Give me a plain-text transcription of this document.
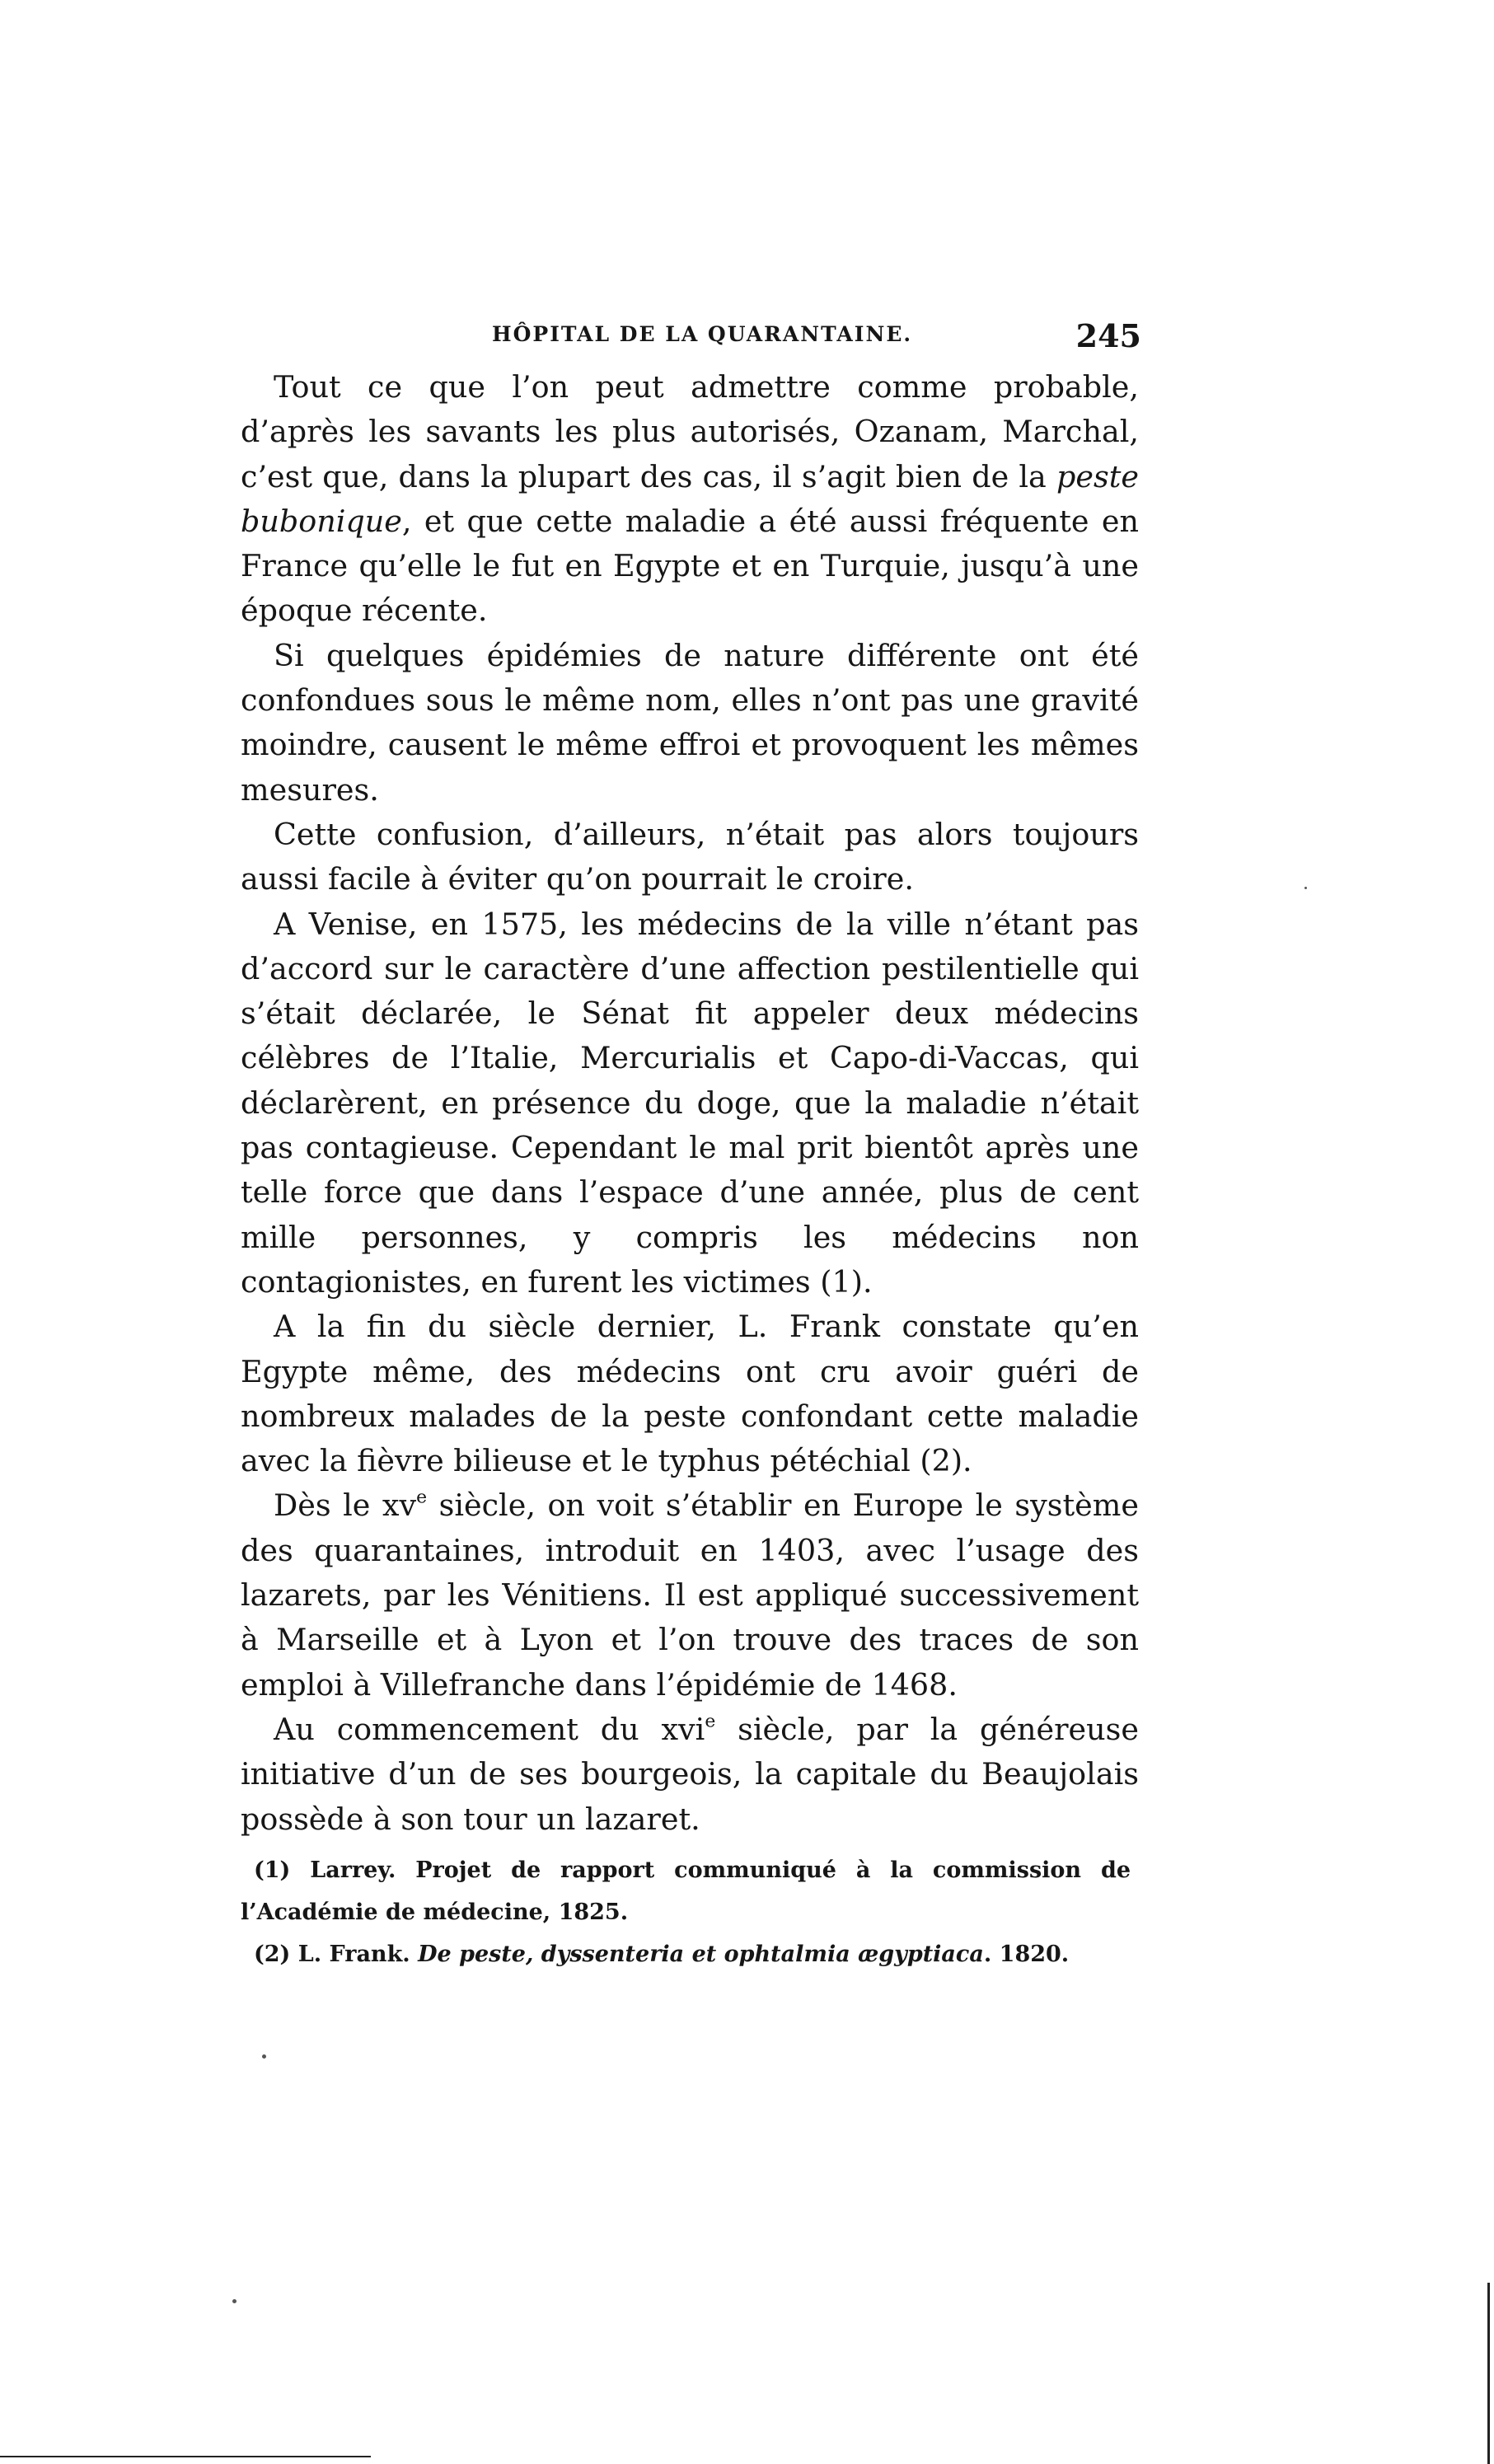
HÔPITAL DE LA QUARANTAINE.	245

Tout ce que l’on peut admettre comme probable, d’après les savants les plus autorisés, Ozanam, Marchal, c’est que, dans la plupart des cas, il s’agit bien de la peste bubonique, et que cette maladie a été aussi fréquente en France qu’elle le fut en Egypte et en Turquie, jusqu’à une époque récente.

Si quelques épidémies de nature différente ont été confondues sous le même nom, elles n’ont pas une gravité moindre, causent le même effroi et provoquent les mêmes mesures.

Cette confusion, d’ailleurs, n’était pas alors toujours aussi facile à éviter qu’on pourrait le croire.

A Venise, en 1575, les médecins de la ville n’étant pas d’accord sur le caractère d’une affection pestilentielle qui s’était déclarée, le Sénat fit appeler deux médecins célèbres de l’Italie, Mercurialis et Capo-di-Vaccas, qui déclarèrent, en présence du doge, que la maladie n’était pas contagieuse. Cependant le mal prit bientôt après une telle force que dans l’espace d’une année, plus de cent mille personnes, y compris les médecins non contagionistes, en furent les victimes (1).

A la fin du siècle dernier, L. Frank constate qu’en Egypte même, des médecins ont cru avoir guéri de nombreux malades de la peste confondant cette maladie avec la fièvre bilieuse et le typhus pétéchial (2).

Dès le $xv^e$ siècle, on voit s’établir en Europe le système des quarantaines, introduit en 1403, avec l’usage des lazarets, par les Vénitiens. Il est appliqué successivement à Marseille et à Lyon et l’on trouve des traces de son emploi à Villefranche dans l’épidémie de 1468.

Au commencement du xvi$^e$ siècle, par la généreuse initiative d’un de ses bourgeois, la capitale du Beaujolais possède à son tour un lazaret.

(1) Larrey. Projet de rapport communiqué à la commission de l’Académie de médecine, 1825.

(2) L. Frank. De peste, dyssenteria et ophtalmia ægyptiaca. 1820.
